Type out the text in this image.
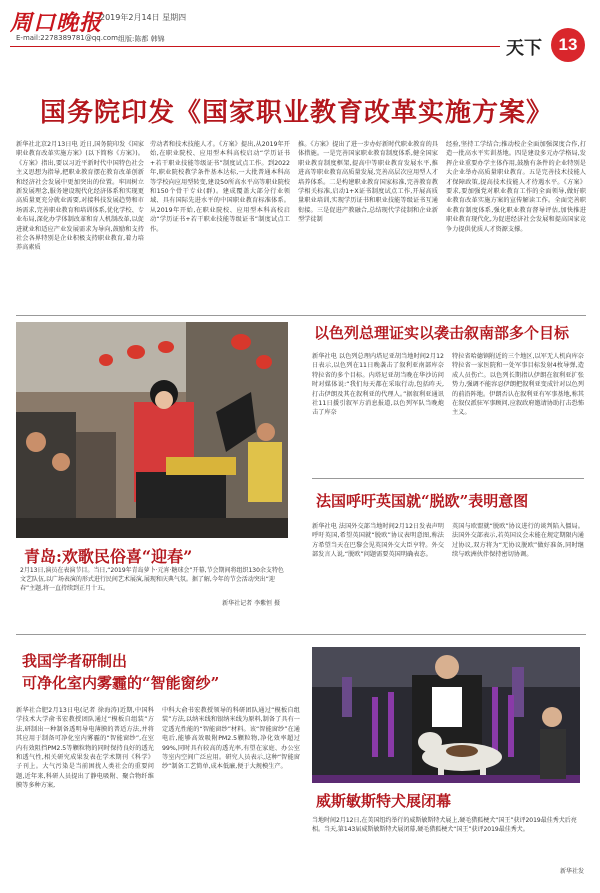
周口晚报
2019年2月14日 星期四
E-mail:2278389781@qq.com 组版:陈都 韩锦	天下 13
国务院印发《国家职业教育改革实施方案》

新华社北京2月13日电 近日,国务院印发《国家职业教育改革实施方案》(以下简称《方案》)。《方案》指出,要以习近平新时代中国特色社会主义思想为指导,把职业教育摆在教育改革创新和经济社会发展中更加突出的位置。牢固树立新发展理念,服务建设现代化经济体系和实现更高质量更充分就业需要,对接科技发展趋势和市场需求,完善职业教育和培训体系,优化学校、专业布局,深化办学体制改革和育人机制改革,以促进就业和适应产业发展需求为导向,鼓励和支持社会各界特别是企业积极支持职业教育,着力培养高素质

劳动者和技术技能人才。《方案》提出,从2019年开始,在职业院校、应用型本科高校启动“学历证书+若干职业技能等级证书”制度试点工作。到2022年,职业院校教学条件基本达标,一大批普通本科高等学校向应用型转变,建设50所高水平高等职业院校和150个骨干专业(群)。建成覆盖大部分行业领域、具有国际先进水平的中国职业教育标准体系。从2019年开始,在职业院校、应用型本科高校启动“学历证书+若干职业技能等级证书”制度试点工作。

推。《方案》提出了进一步办好新时代职业教育的具体措施。一是完善国家职业教育制度体系,健全国家职业教育制度框架,提高中等职业教育发展水平,推进高等职业教育高质量发展,完善高层次应用型人才培养体系。二是构建职业教育国家标准,完善教育教学相关标准,启动1+X证书制度试点工作,开展高质量职业培训,实现学历证书和职业技能等级证书互通衔接。三是促进产教融合,总结现代学徒制和企业新型学徒制

经验,坚持工学结合;推动校企全面加强深度合作,打造一批高水平实训基地。四是建设多元办学格局,发挥企业重要办学主体作用,鼓励有条件的企业特别是大企业举办高质量职业教育。五是完善技术技能人才保障政策,提高技术技能人才待遇水平。《方案》要求,要加强党对职业教育工作的全面领导,做好职业教育改革实施方案的宣传解读工作。全面完善职业教育制度体系,强化职业教育督导评估,加快推进职业教育现代化,为促进经济社会发展和提高国家竞争力提供优质人才资源支撑。

青岛:欢歌民俗喜“迎春”
2月13日,演员在表演节目。当日,“2019年青岛萝卜·元宵·糖球会”开幕,节会期间将组织130余支特色文艺队伍,以广场表演的形式进行民间艺术展演,展现和庆典气氛。据了解,今年的节会活动突出“迎春”主题,将一直持续到正月十五。
新华社记者 李紫恒 摄
以色列总理证实以袭击叙南部多个目标

新华社电 以色列总理内塔尼亚胡当地时间2月12日表示,以色列在11日晚袭击了叙利亚南部库奈特拉省的多个目标。内塔尼亚胡当晚在华沙访问时对媒体说:“我们每天都在采取行动,包括昨天,打击伊朗及其在叙利亚的代理人。”据叙利亚通讯社11日援引叙军方消息报道,以色列军队当晚炮击了库奈

特拉省哈德镇附近的三个地区,以军无人机向库奈特拉省一家医院和一处军事目标发射4枚导弹,造成人员伤亡。以色列长期指认伊朗在叙利亚扩张势力,强调不能容忍伊朗把叙利亚变成针对以色列的前沿阵地。伊朗否认在叙利亚有军事基地,称其在叙仅派驻军事顾问,应叙政府邀请协助打击恐怖主义。

法国呼吁英国就“脱欧”表明意图

新华社电 法国外交部当地时间2月12日发表声明呼吁英国,希望英国就“脱欧”协议表明意图,称法方希望当天在巴黎会见英国外交大臣亨特。外交部发言人说,“脱欧”问题需要英国明确表态。

英国与欧盟就“脱欧”协议进行的谈判陷入僵局。法国外交部表示,若英国议会未能在规定期限内通过协议,双方将为“无协议脱欧”做好准备,同时继续与欧洲伙伴保持密切协调。

我国学者研制出
可净化室内雾霾的“智能窗纱”

新华社合肥2月13日电(记者 徐海涛)近期,中国科学技术大学俞书宏教授团队通过“模板自组装”方法,研制出一种制备透明导电薄膜的普适方法,并将其应用于制备可净化室内雾霾的“智能窗纱”,在室内有效阻挡PM2.5等颗粒物的同时保持良好的透光和透气性,相关研究成果发表在学术期刊《科学》子刊上。大气污染是当前困扰人类社会的重要问题,近年来,科研人员提出了静电吸附、聚合物纤维膜等多种方案,

中科大俞书宏教授领导的科研团队通过“模板自组装”方法,以纳米线和银纳米线为原料,制备了具有一定透光性能的“智能窗纱”材料。该“智能窗纱”在通电后,能够高效吸附PM2.5颗粒物,净化效率超过99%,同时具有较高的透光率,有望在家庭、办公室等室内空间广泛应用。研究人员表示,这种“智能窗纱”制备工艺简单,成本低廉,便于大规模生产。

威斯敏斯特犬展闭幕
当地时间2月12日,在美国纽约举行的威斯敏斯特犬展上,硬毛猎狐梗犬“国王”获评2019最佳秀犬后亮相。当天,第143届威斯敏斯特犬展闭幕,硬毛猎狐梗犬“国王”获评2019最佳秀犬。
新华社发
